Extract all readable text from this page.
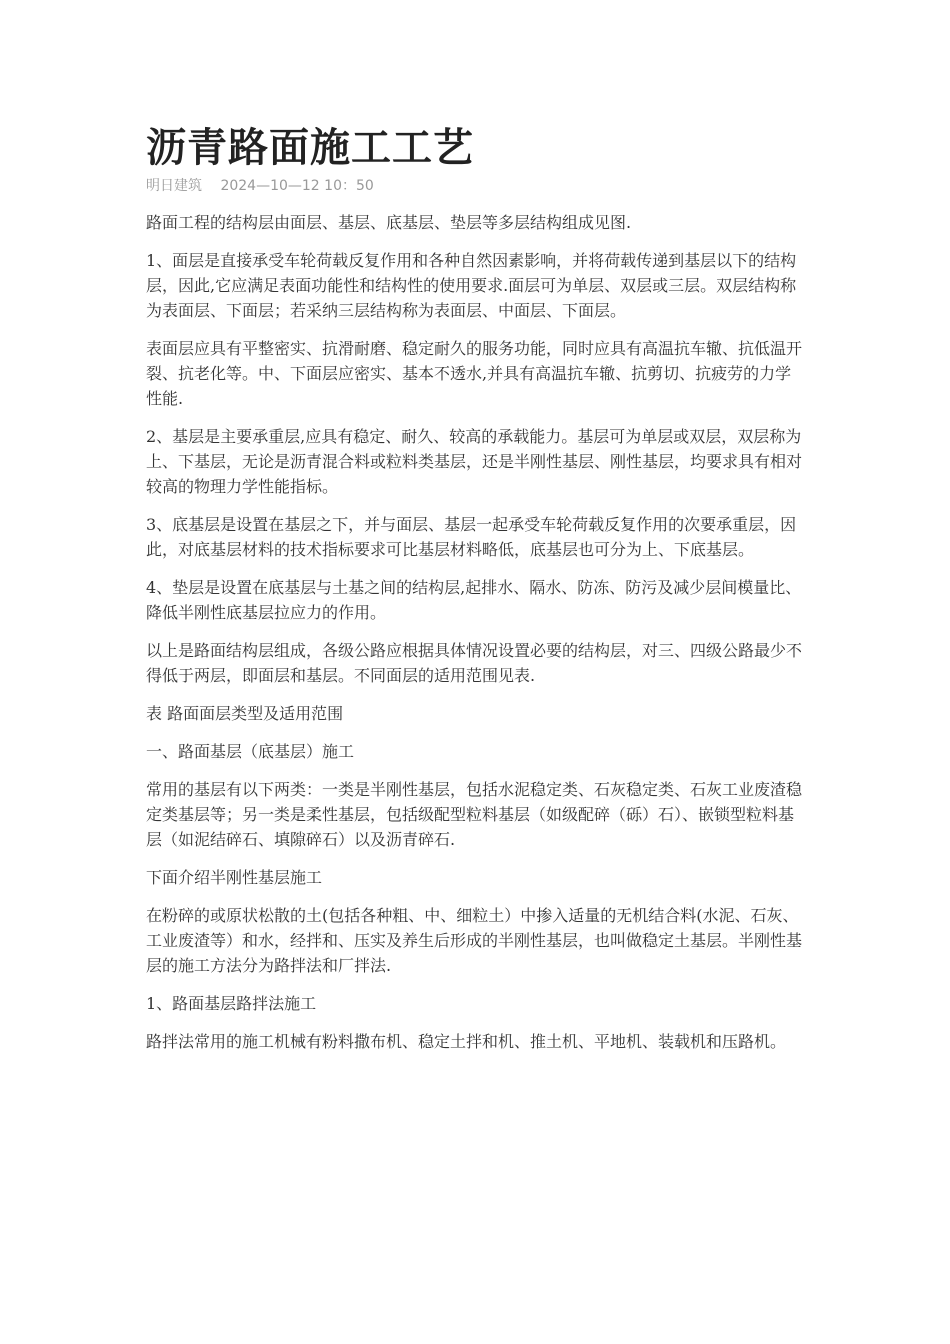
沥青路面施工工艺
明日建筑 2024—10—12 10：50

路面工程的结构层由面层、基层、底基层、垫层等多层结构组成见图.

1、面层是直接承受车轮荷载反复作用和各种自然因素影响，并将荷载传递到基层以下的结构层，因此,它应满足表面功能性和结构性的使用要求.面层可为单层、双层或三层。双层结构称为表面层、下面层；若采纳三层结构称为表面层、中面层、下面层。

表面层应具有平整密实、抗滑耐磨、稳定耐久的服务功能，同时应具有高温抗车辙、抗低温开裂、抗老化等。中、下面层应密实、基本不透水,并具有高温抗车辙、抗剪切、抗疲劳的力学性能.

2、基层是主要承重层,应具有稳定、耐久、较高的承载能力。基层可为单层或双层，双层称为上、下基层，无论是沥青混合料或粒料类基层，还是半刚性基层、刚性基层，均要求具有相对较高的物理力学性能指标。

3、底基层是设置在基层之下，并与面层、基层一起承受车轮荷载反复作用的次要承重层，因此，对底基层材料的技术指标要求可比基层材料略低，底基层也可分为上、下底基层。

4、垫层是设置在底基层与土基之间的结构层,起排水、隔水、防冻、防污及减少层间模量比、降低半刚性底基层拉应力的作用。

以上是路面结构层组成，各级公路应根据具体情况设置必要的结构层，对三、四级公路最少不得低于两层，即面层和基层。不同面层的适用范围见表.

表 路面面层类型及适用范围

一、路面基层（底基层）施工

常用的基层有以下两类：一类是半刚性基层，包括水泥稳定类、石灰稳定类、石灰工业废渣稳定类基层等；另一类是柔性基层，包括级配型粒料基层（如级配碎（砾）石）、嵌锁型粒料基层（如泥结碎石、填隙碎石）以及沥青碎石.

下面介绍半刚性基层施工

在粉碎的或原状松散的土(包括各种粗、中、细粒土）中掺入适量的无机结合料(水泥、石灰、工业废渣等）和水，经拌和、压实及养生后形成的半刚性基层，也叫做稳定土基层。半刚性基层的施工方法分为路拌法和厂拌法.

1、路面基层路拌法施工

路拌法常用的施工机械有粉料撒布机、稳定土拌和机、推土机、平地机、装载机和压路机。
